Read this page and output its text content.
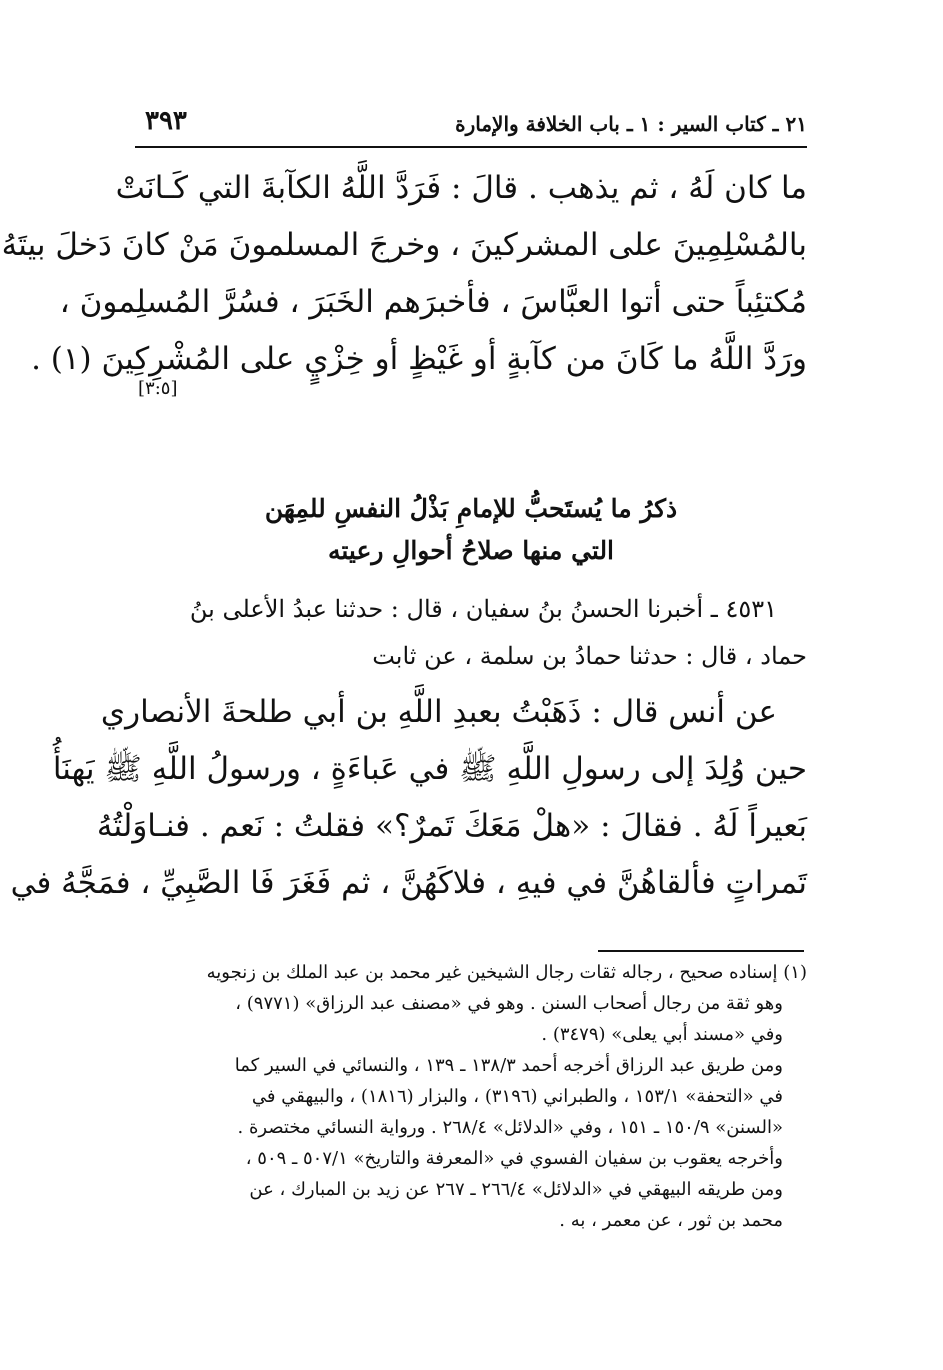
٢١ ـ كتاب السير : ١ ـ باب الخلافة والإمارة
٣٩٣
ما كان لَهُ ، ثم يذهب . قالَ : فَرَدَّ اللَّهُ الكآبةَ التي كَـانَتْ
بالمُسْلِمِينَ على المشركينَ ، وخرجَ المسلمونَ مَنْ كانَ دَخلَ بيتَهُ
مُكتئِباً حتى أتوا العبَّاسَ ، فأخبرَهم الخَبَرَ ، فسُرَّ المُسلِمونَ ،
ورَدَّ اللَّهُ ما كَانَ من كآبةٍ أو غَيْظٍ أو خِزْيٍ على المُشْرِكِينَ (١) .
[٣:٥]
ذكرُ ما يُستَحبُّ للإمامِ بَذْلُ النفسِ للمِهَن
التي منها صلاحُ أحوالِ رعيته
٤٥٣١ ـ أخبرنا الحسنُ بنُ سفيان ، قال : حدثنا عبدُ الأعلى بنُ
حماد ، قال : حدثنا حمادُ بن سلمة ، عن ثابت
عن أنس قال : ذَهَبْتُ بعبدِ اللَّهِ بن أبي طلحةَ الأنصاري
حين وُلِدَ إلى رسولِ اللَّهِ ﷺ في عَباءَةٍ ، ورسولُ اللَّهِ ﷺ يَهنَأُ
بَعيراً لَهُ . فقالَ : «هلْ مَعَكَ تَمرٌ؟» فقلتُ : نَعم . فنـاوَلْتُهُ
تَمراتٍ فألقاهُنَّ في فيهِ ، فلاكَهُنَّ ، ثم فَغَرَ فَا الصَّبِيِّ ، فمَجَّهُ في
(١) إسناده صحيح ، رجاله ثقات رجال الشيخين غير محمد بن عبد الملك بن زنجويه
وهو ثقة من رجال أصحاب السنن . وهو في «مصنف عبد الرزاق» (٩٧٧١) ،
وفي «مسند أبي يعلى» (٣٤٧٩) .
ومن طريق عبد الرزاق أخرجه أحمد ١٣٨/٣ ـ ١٣٩ ، والنسائي في السير كما
في «التحفة» ١٥٣/١ ، والطبراني (٣١٩٦) ، والبزار (١٨١٦) ، والبيهقي في
«السنن» ١٥٠/٩ ـ ١٥١ ، وفي «الدلائل» ٢٦٨/٤ . ورواية النسائي مختصرة .
وأخرجه يعقوب بن سفيان الفسوي في «المعرفة والتاريخ» ٥٠٧/١ ـ ٥٠٩ ،
ومن طريقه البيهقي في «الدلائل» ٢٦٦/٤ ـ ٢٦٧ عن زيد بن المبارك ، عن
محمد بن ثور ، عن معمر ، به .
